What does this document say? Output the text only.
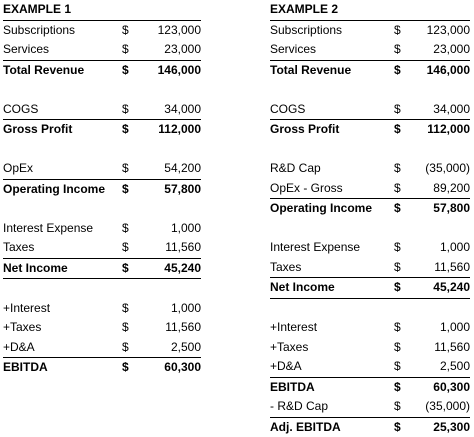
EXAMPLE 1
Subscriptions	$ 123,000
Services	$	23,000
Total Revenue	$ 146,000
COGS	$	34,000
Gross Profit	$ 112,000
OpEx	$	54,200
Operating Income $	57,800
Interest Expense $	1,000
Taxes	$	11,560
Net Income	$	45,240
+Interest	$	1,000
+Taxes	$	11,560
+D&A	$	2,500
EBITDA	$	60,300
EXAMPLE 2
Subscriptions	$ 123,000
Services	$	23,000
Total Revenue	$ 146,000
COGS	$	34,000
Gross Profit	$ 112,000
R&D Cap	$ (35,000)
OpEx - Gross	$	89,200
Operating Income $	57,800
Interest Expense	$	1,000
Taxes	$	11,560
Net Income	$	45,240
+Interest	$	1,000
+Taxes	$	11,560
+D&A	$	2,500
EBITDA	$	60,300
- R&D Cap	$ (35,000)
Adj. EBITDA	$	25,300
